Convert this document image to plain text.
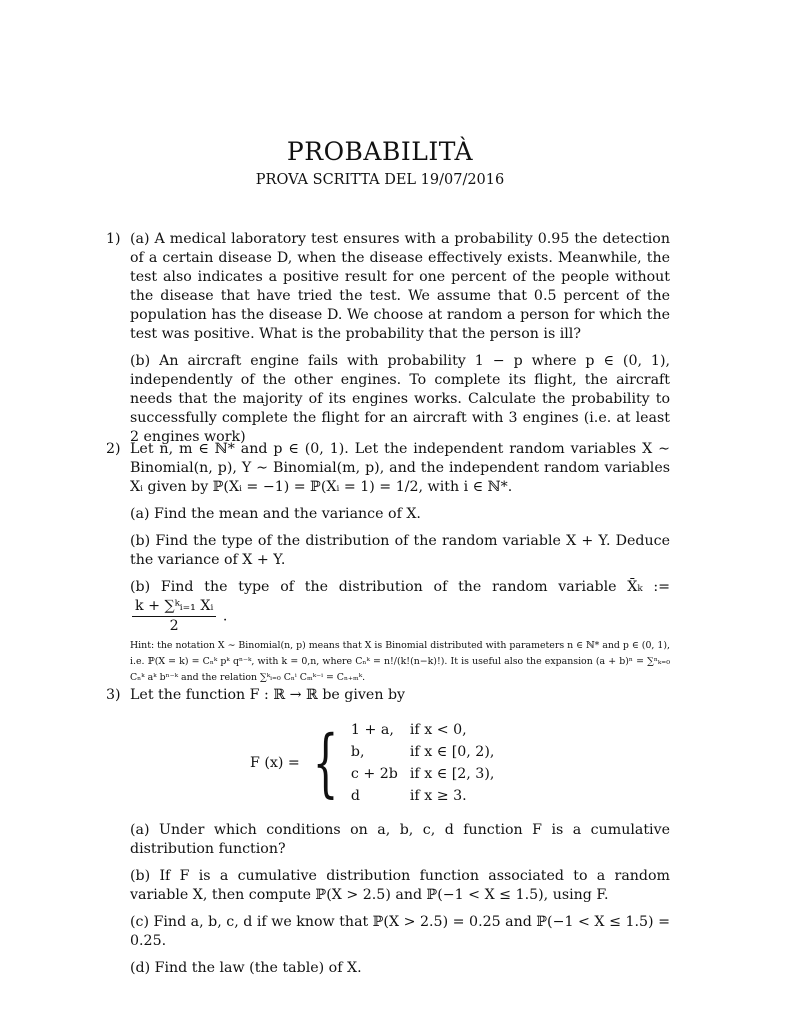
PROBABILITÀ
PROVA SCRITTA DEL 19/07/2016
1) (a) A medical laboratory test ensures with a probability 0.95 the detection of a certain disease D, when the disease effectively exists. Meanwhile, the test also indicates a positive result for one percent of the people without the disease that have tried the test. We assume that 0.5 percent of the population has the disease D. We choose at random a person for which the test was positive. What is the probability that the person is ill?

(b) An aircraft engine fails with probability 1 − p where p ∈ (0, 1), independently of the other engines. To complete its flight, the aircraft needs that the majority of its engines works. Calculate the probability to successfully complete the flight for an aircraft with 3 engines (i.e. at least 2 engines work)

2) Let n, m ∈ ℕ* and p ∈ (0, 1). Let the independent random variables X ∼ Binomial(n, p), Y ∼ Binomial(m, p), and the independent random variables Xᵢ given by ℙ(Xᵢ = −1) = ℙ(Xᵢ = 1) = 1/2, with i ∈ ℕ*.

(a) Find the mean and the variance of X.

(b) Find the type of the distribution of the random variable X + Y. Deduce the variance of X + Y.

(b) Find the type of the distribution of the random variable X̄ₖ :=
$\frac{\text{k + ∑ᵏᵢ₌₁ Xᵢ}}{2}$ .

Hint: the notation X ∼ Binomial(n, p) means that X is Binomial distributed with parameters n ∈ ℕ* and p ∈ (0, 1), i.e. ℙ(X = k) = Cₙᵏ pᵏ qⁿ⁻ᵏ, with k = 0,n, where Cₙᵏ = n!/(k!(n−k)!). It is useful also the expansion (a + b)ⁿ = ∑ⁿₖ₌₀ Cₙᵏ aᵏ bⁿ⁻ᵏ and the relation ∑ᵏᵢ₌₀ Cₙⁱ Cₘᵏ⁻ⁱ = Cₙ₊ₘᵏ.

3) Let the function F : ℝ → ℝ be given by

F (x) = { 1 + a,	if x < 0,
b,	if x ∈ [0, 2),
c + 2b	if x ∈ [2, 3),
d	if x ≥ 3.

(a) Under which conditions on a, b, c, d function F is a cumulative distribution function?

(b) If F is a cumulative distribution function associated to a random variable X, then compute ℙ(X > 2.5) and ℙ(−1 < X ≤ 1.5), using F.

(c) Find a, b, c, d if we know that ℙ(X > 2.5) = 0.25 and ℙ(−1 < X ≤ 1.5) = 0.25.

(d) Find the law (the table) of X.
